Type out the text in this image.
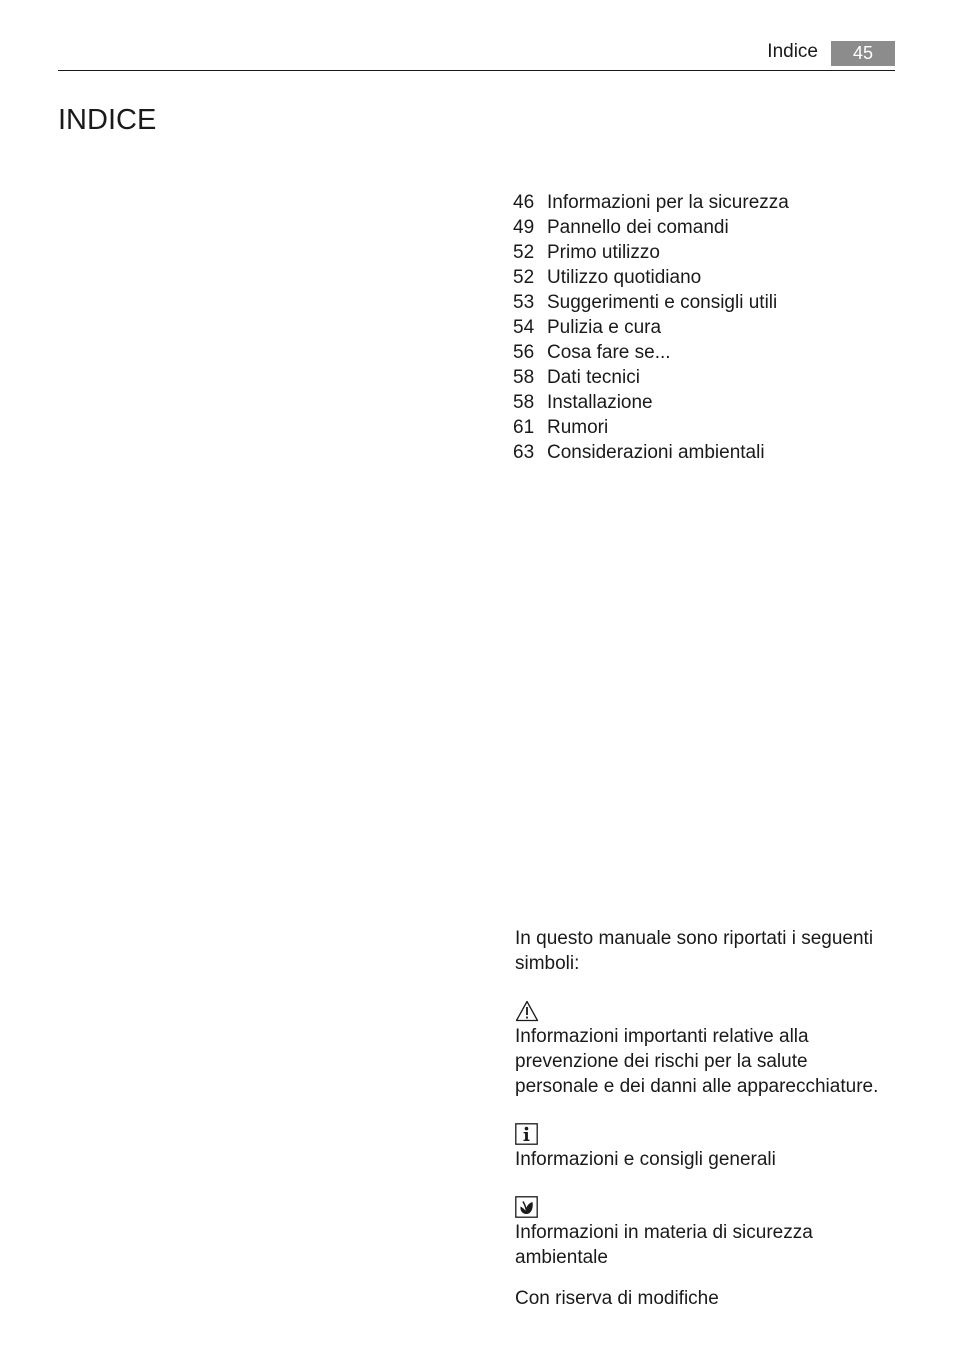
Indice	45
INDICE
46 Informazioni per la sicurezza
49 Pannello dei comandi
52 Primo utilizzo
52 Utilizzo quotidiano
53 Suggerimenti e consigli utili
54 Pulizia e cura
56 Cosa fare se...
58 Dati tecnici
58 Installazione
61 Rumori
63 Considerazioni ambientali

In questo manuale sono riportati i seguenti simboli:

Informazioni importanti relative alla prevenzione dei rischi per la salute personale e dei danni alle apparecchiature.

Informazioni e consigli generali

Informazioni in materia di sicurezza ambientale

Con riserva di modifiche
